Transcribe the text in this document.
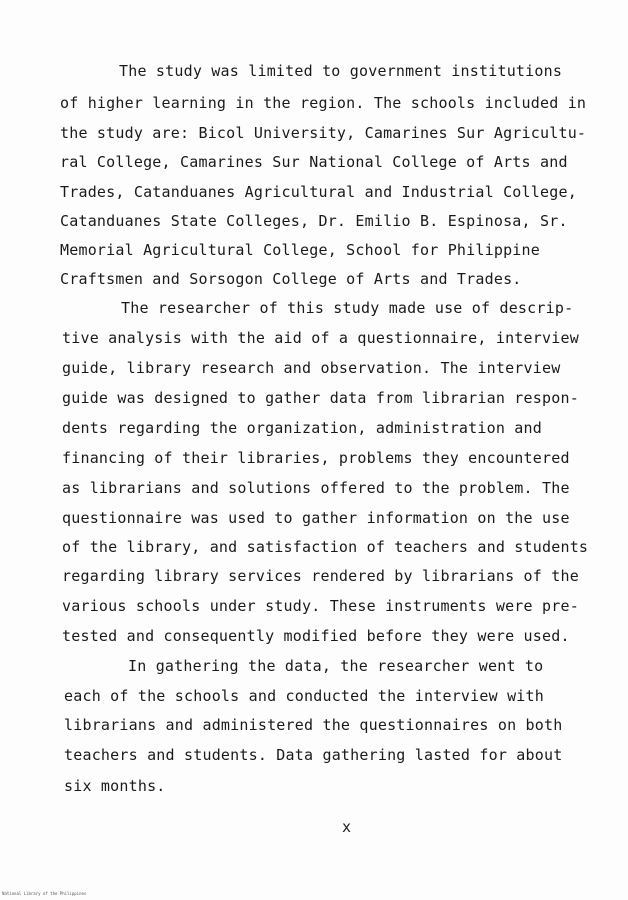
The study was limited to government institutions
of higher learning in the region. The schools included in
the study are: Bicol University, Camarines Sur Agricultu-
ral College, Camarines Sur National College of Arts and
Trades, Catanduanes Agricultural and Industrial College,
Catanduanes State Colleges, Dr. Emilio B. Espinosa, Sr.
Memorial Agricultural College, School for Philippine
Craftsmen and Sorsogon College of Arts and Trades.
The researcher of this study made use of descrip-
tive analysis with the aid of a questionnaire, interview
guide, library research and observation. The interview
guide was designed to gather data from librarian respon-
dents regarding the organization, administration and
financing of their libraries, problems they encountered
as librarians and solutions offered to the problem. The
questionnaire was used to gather information on the use
of the library, and satisfaction of teachers and students
regarding library services rendered by librarians of the
various schools under study. These instruments were pre-
tested and consequently modified before they were used.
In gathering the data, the researcher went to
each of the schools and conducted the interview with
librarians and administered the questionnaires on both
teachers and students. Data gathering lasted for about
six months.
x
National Library of the Philippines
